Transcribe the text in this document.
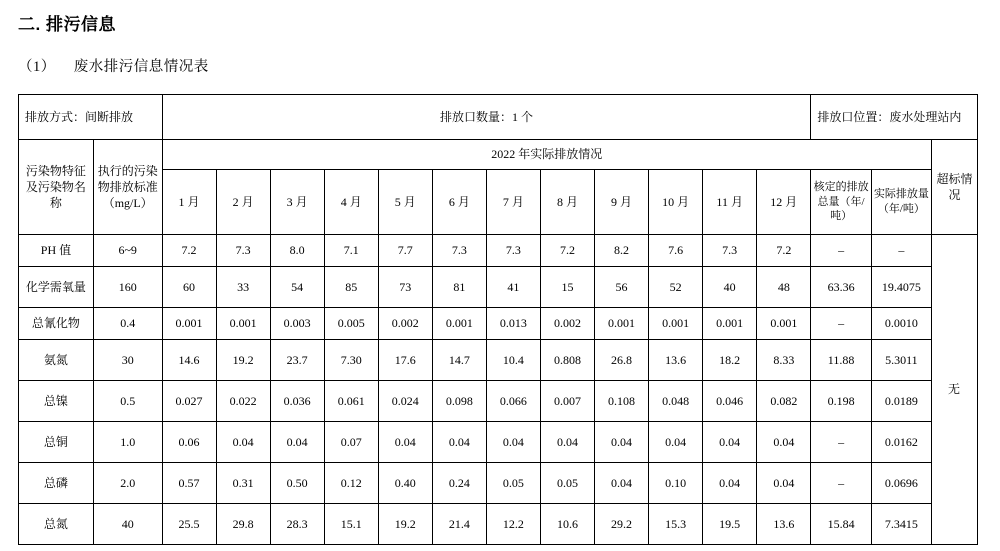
二. 排污信息
（1） 废水排污信息情况表
排放方式：间断排放		排放口数量：1 个												排放口位置：废水处理站内		
污染物特征及污染物名称	执行的污染物排放标准（mg/L）	2022 年实际排放情况														超标情况
		1 月	2 月	3 月	4 月	5 月	6 月	7 月	8 月	9 月	10 月	11 月	12 月	核定的排放总量（年/吨）	实际排放量（年/吨）	
PH 值	6~9	7.2	7.3	8.0	7.1	7.7	7.3	7.3	7.2	8.2	7.6	7.3	7.2	–	–	无
化学需氧量	160	60	33	54	85	73	81	41	15	56	52	40	48	63.36	19.4075	
总氰化物	0.4	0.001	0.001	0.003	0.005	0.002	0.001	0.013	0.002	0.001	0.001	0.001	0.001	–	0.0010	
氨氮	30	14.6	19.2	23.7	7.30	17.6	14.7	10.4	0.808	26.8	13.6	18.2	8.33	11.88	5.3011	
总镍	0.5	0.027	0.022	0.036	0.061	0.024	0.098	0.066	0.007	0.108	0.048	0.046	0.082	0.198	0.0189	
总铜	1.0	0.06	0.04	0.04	0.07	0.04	0.04	0.04	0.04	0.04	0.04	0.04	0.04	–	0.0162	
总磷	2.0	0.57	0.31	0.50	0.12	0.40	0.24	0.05	0.05	0.04	0.10	0.04	0.04	–	0.0696	
总氮	40	25.5	29.8	28.3	15.1	19.2	21.4	12.2	10.6	29.2	15.3	19.5	13.6	15.84	7.3415	
